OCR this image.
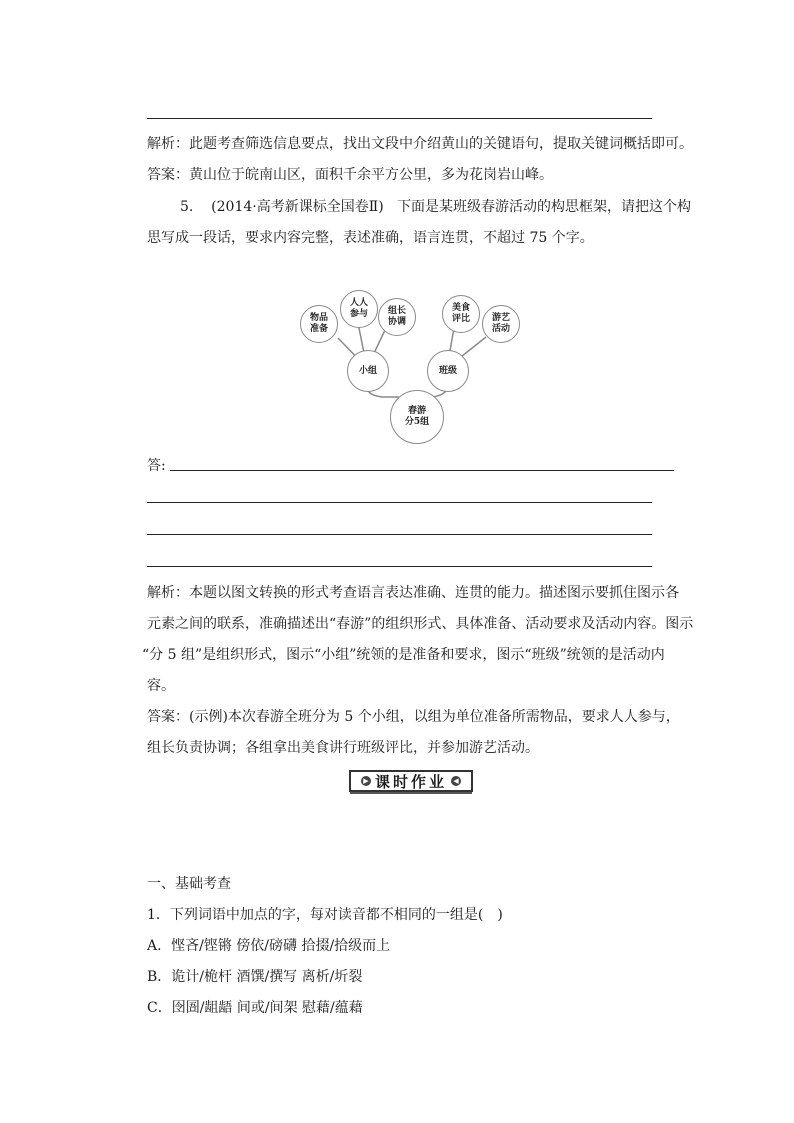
解析：此题考查筛选信息要点，找出文段中介绍黄山的关键语句，提取关键词概括即可。
答案：黄山位于皖南山区，面积千余平方公里，多为花岗岩山峰。
5. (2014·高考新课标全国卷Ⅱ) 下面是某班级春游活动的构思框架，请把这个构
思写成一段话，要求内容完整，表述准确，语言连贯，不超过 75 个字。
物品
准备
人人
参与 组长
协调
美食
评比 游艺
活动
小组	班级
春游
分5组
答:
解析：本题以图文转换的形式考查语言表达准确、连贯的能力。描述图示要抓住图示各
元素之间的联系，准确描述出“春游”的组织形式、具体准备、活动要求及活动内容。图示
“分 5 组”是组织形式，图示“小组”统领的是准备和要求，图示“班级”统领的是活动内
容。
答案：(示例)本次春游全班分为 5 个小组，以组为单位准备所需物品，要求人人参与，
组长负责协调；各组拿出美食讲行班级评比，并参加游艺活动。
▶ 课时作业 ◀
一、基础考查
1．下列词语中加点的字，每对读音都不相同的一组是(　)
A．悭吝/铿锵 傍依/磅礴 拾掇/拾级而上
B．诡计/桅杆 酒馔/撰写 离析/圻裂
C．囹圄/龃龉 间或/间架 慰藉/蕴藉
